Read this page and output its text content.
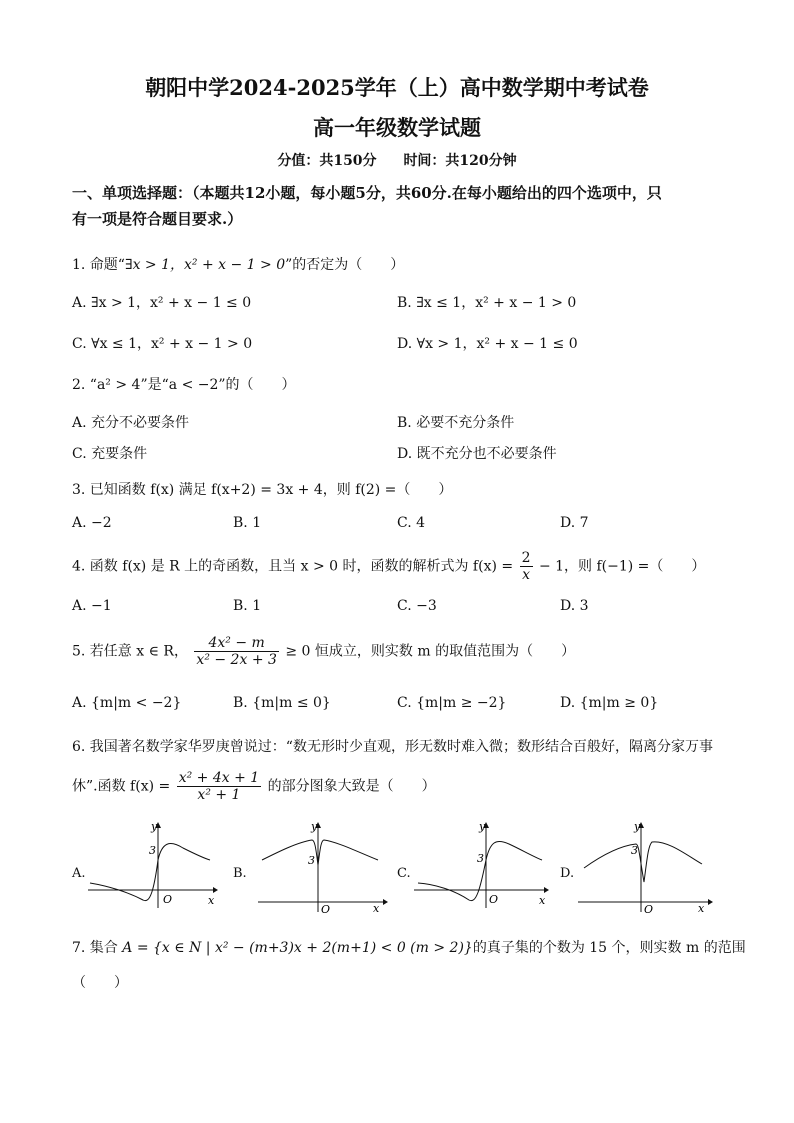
朝阳中学2024-2025学年（上）高中数学期中考试卷
高一年级数学试题
分值：共150分 时间：共120分钟
一、单项选择题：（本题共12小题，每小题5分，共60分.在每小题给出的四个选项中，只
有一项是符合题目要求.）
1. 命题“∃x > 1，x² + x − 1 > 0”的否定为（　　）
A. ∃x > 1，x² + x − 1 ≤ 0	B. ∃x ≤ 1，x² + x − 1 > 0
C. ∀x ≤ 1，x² + x − 1 > 0	D. ∀x > 1，x² + x − 1 ≤ 0
2. “a² > 4”是“a < −2”的（　　）
A. 充分不必要条件	B. 必要不充分条件
C. 充要条件	D. 既不充分也不必要条件
3. 已知函数 f(x) 满足 f(x+2) = 3x + 4，则 f(2) =（　　）
A. −2	B. 1	C. 4	D. 7
4. 函数 f(x) 是 R 上的奇函数，且当 x > 0 时，函数的解析式为 $f(x) = \frac{2}{x} - 1$，则 f(−1) =（　　）
A. −1	B. 1	C. −3	D. 3
5. 若任意 x ∈ R， $\frac{\text{4x² − m}}{\text{x² − 2x + 3}} \ge 0$ 恒成立，则实数 m 的取值范围为（　　）
A. {m|m < −2}	B. {m|m ≤ 0}	C. {m|m ≥ −2}	D. {m|m ≥ 0}
6. 我国著名数学家华罗庚曾说过：“数无形时少直观，形无数时难入微；数形结合百般好，隔离分家万事
休”.函数 $f(x) = \frac{\text{x² + 4x + 1}}{\text{x² + 1}}$ 的部分图象大致是（　　）
A.
y
x
O
3
B.
y
x
O
3
C.
y
x
O
3
D.
y
x
O
3
7. 集合 A = {x ∈ N | x² − (m+3)x + 2(m+1) < 0 (m > 2)}的真子集的个数为 15 个，则实数 m 的范围
（　　）
